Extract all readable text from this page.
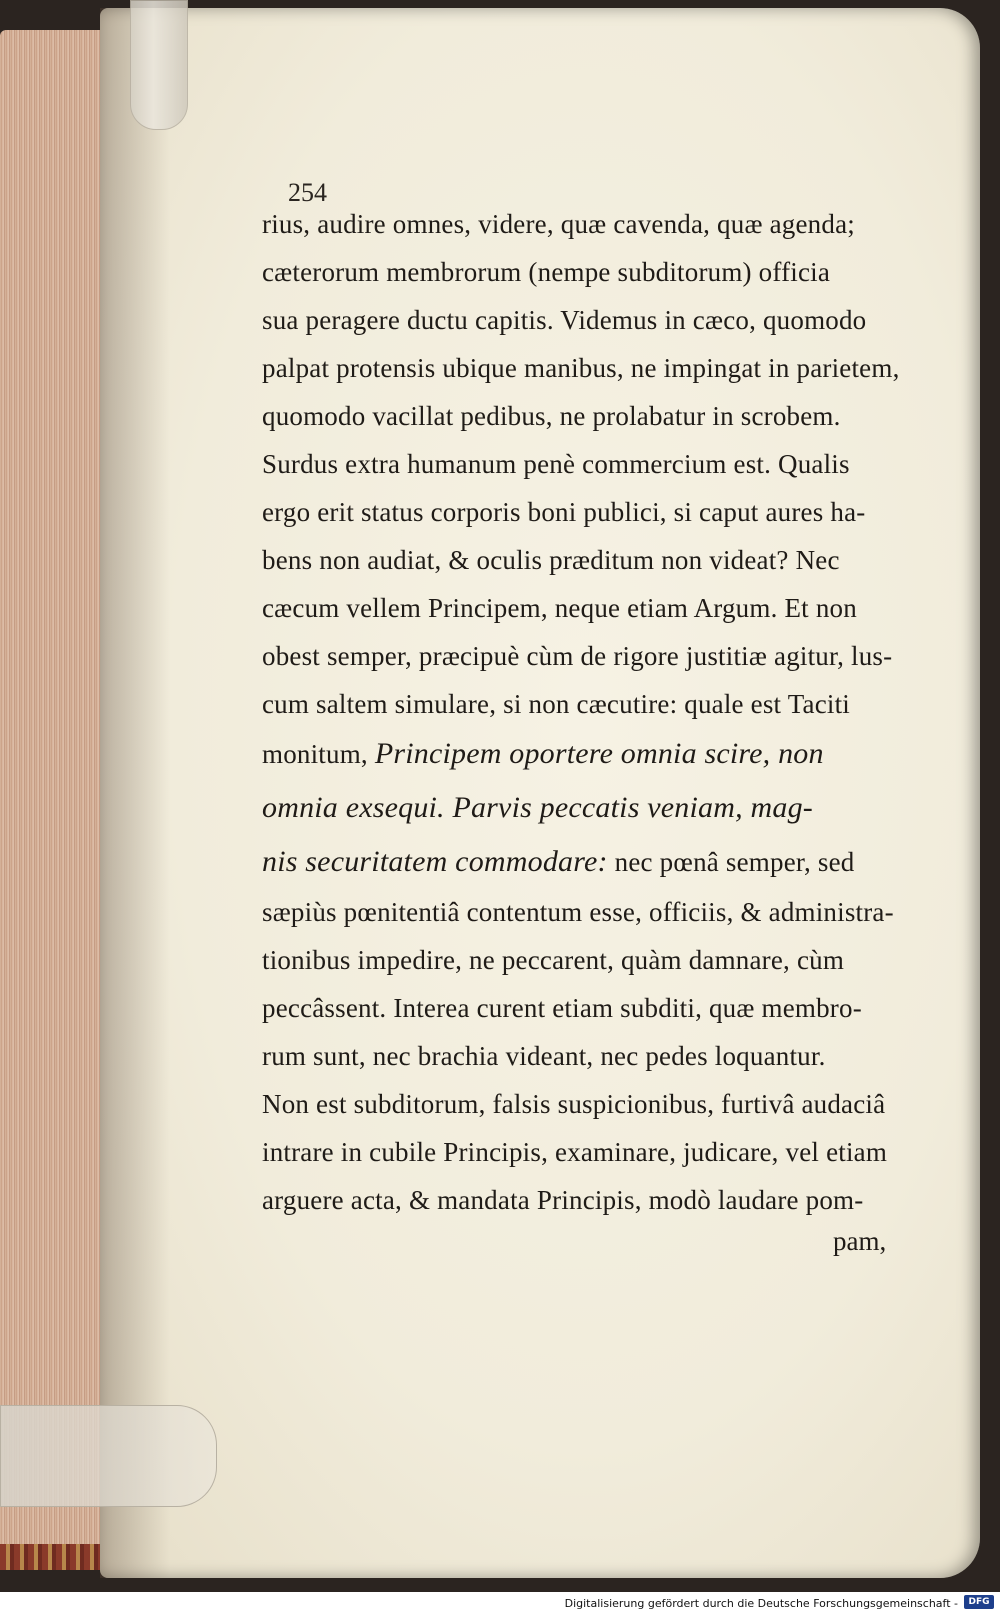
254
rius, audire omnes, videre, quæ cavenda, quæ agenda;
cæterorum membrorum (nempe subditorum) officia
sua peragere ductu capitis. Videmus in cæco, quomodo
palpat protensis ubique manibus, ne impingat in parietem,
quomodo vacillat pedibus, ne prolabatur in scrobem.
Surdus extra humanum penè commercium est. Qualis
ergo erit status corporis boni publici, si caput aures ha-
bens non audiat, & oculis præditum non videat? Nec
cæcum vellem Principem, neque etiam Argum. Et non
obest semper, præcipuè cùm de rigore justitiæ agitur, lus-
cum saltem simulare, si non cæcutire: quale est Taciti
monitum, Principem oportere omnia scire, non
omnia exsequi. Parvis peccatis veniam, mag-
nis securitatem commodare: nec pœnâ semper, sed
sæpiùs pœnitentiâ contentum esse, officiis, & administra-
tionibus impedire, ne peccarent, quàm damnare, cùm
peccâssent. Interea curent etiam subditi, quæ membro-
rum sunt, nec brachia videant, nec pedes loquantur.
Non est subditorum, falsis suspicionibus, furtivâ audaciâ
intrare in cubile Principis, examinare, judicare, vel etiam
arguere acta, & mandata Principis, modò laudare pom-
pam,
Digitalisierung gefördert durch die Deutsche Forschungsgemeinschaft -	DFG
